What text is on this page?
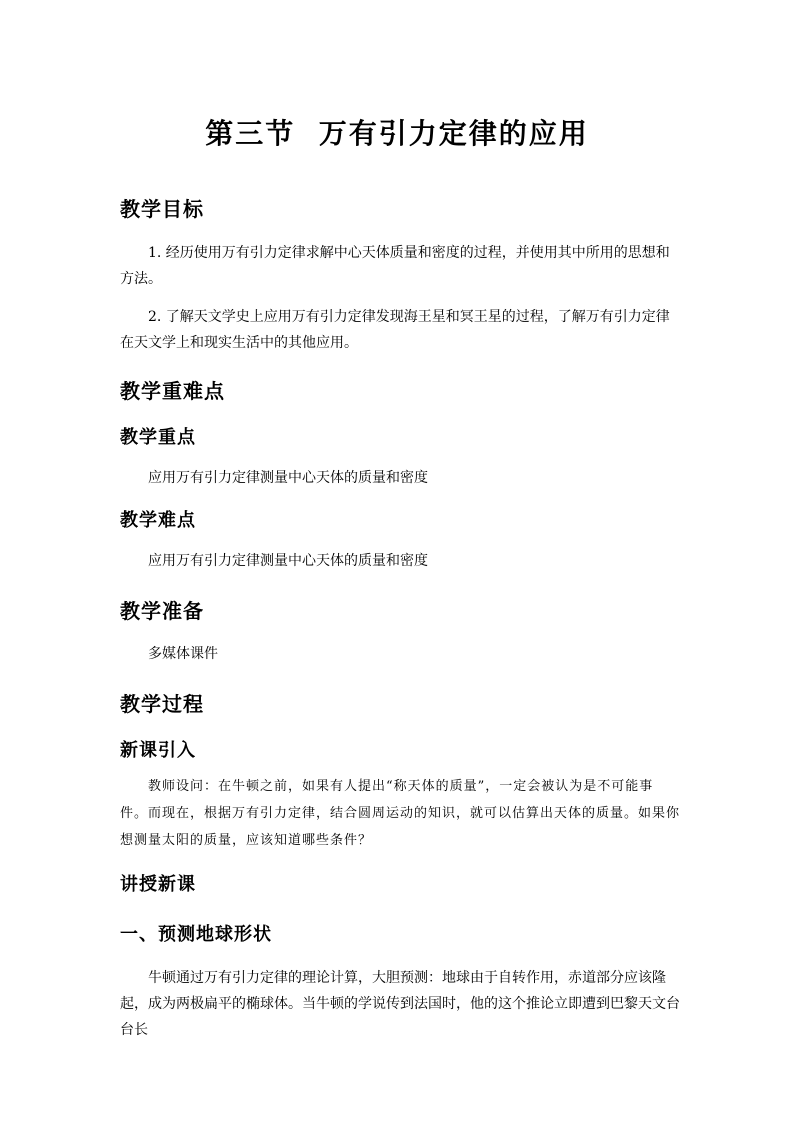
第三节  万有引力定律的应用
教学目标
1. 经历使用万有引力定律求解中心天体质量和密度的过程，并使用其中所用的思想和方法。
2. 了解天文学史上应用万有引力定律发现海王星和冥王星的过程，了解万有引力定律在天文学上和现实生活中的其他应用。
教学重难点
教学重点
应用万有引力定律测量中心天体的质量和密度
教学难点
应用万有引力定律测量中心天体的质量和密度
教学准备
多媒体课件
教学过程
新课引入
教师设问：在牛顿之前，如果有人提出“称天体的质量”，一定会被认为是不可能事件。而现在，根据万有引力定律，结合圆周运动的知识，就可以估算出天体的质量。如果你想测量太阳的质量，应该知道哪些条件？
讲授新课
一、预测地球形状
牛顿通过万有引力定律的理论计算，大胆预测：地球由于自转作用，赤道部分应该隆起，成为两极扁平的椭球体。当牛顿的学说传到法国时，他的这个推论立即遭到巴黎天文台台长
